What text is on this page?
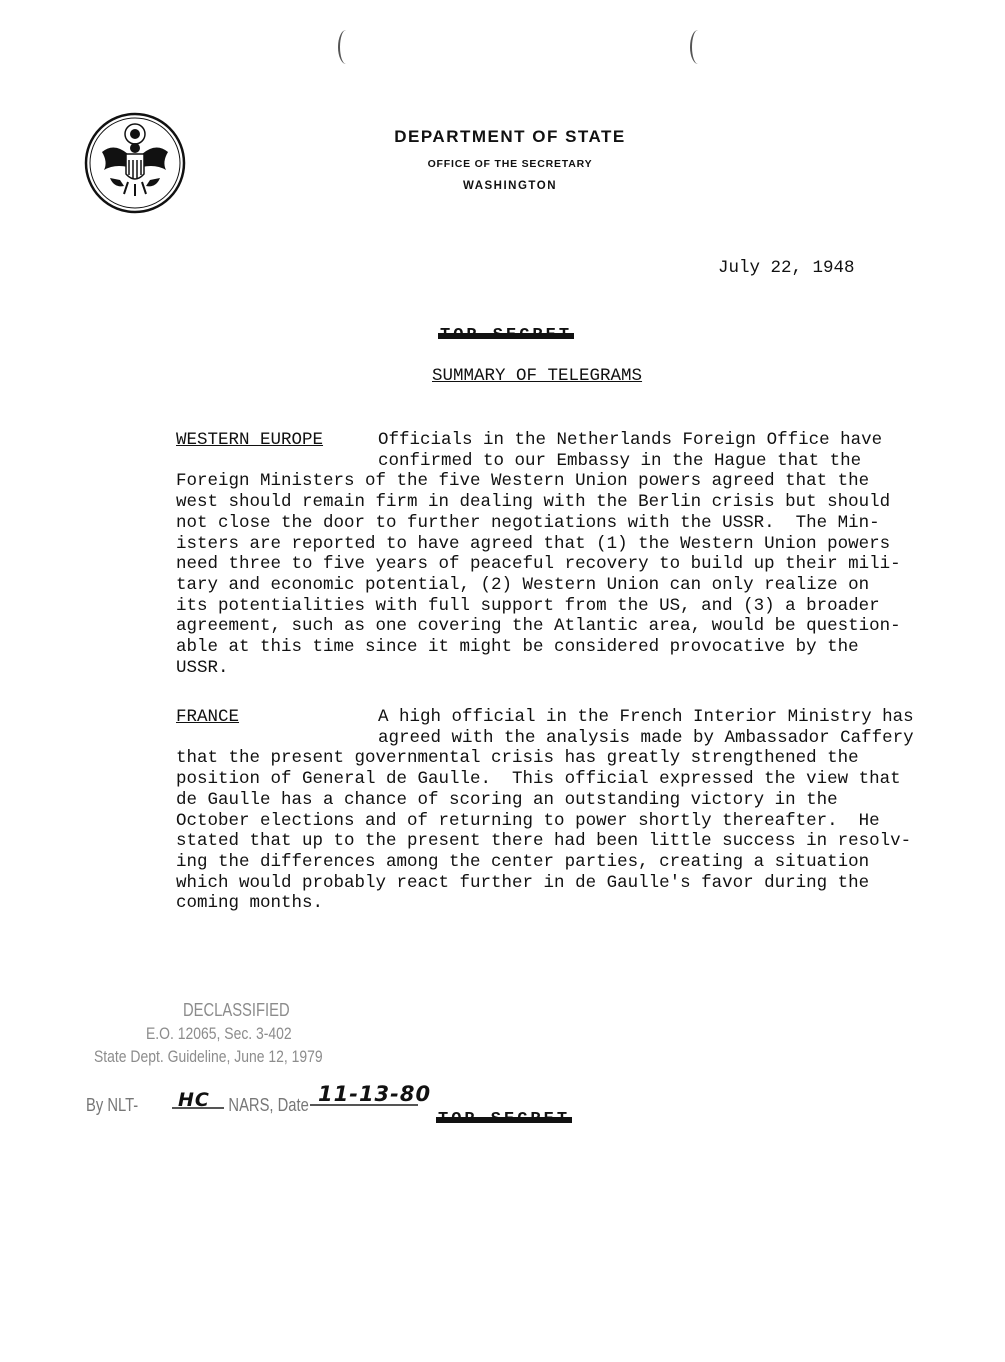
DEPARTMENT OF STATE
OFFICE OF THE SECRETARY
WASHINGTON
July 22, 1948
SUMMARY OF TELEGRAMS
WESTERN EUROPE	Officials in the Netherlands Foreign Office have
confirmed to our Embassy in the Hague that the
Foreign Ministers of the five Western Union powers agreed that the
west should remain firm in dealing with the Berlin crisis but should
not close the door to further negotiations with the USSR.  The Min-
isters are reported to have agreed that (1) the Western Union powers
need three to five years of peaceful recovery to build up their mili-
tary and economic potential, (2) Western Union can only realize on
its potentialities with full support from the US, and (3) a broader
agreement, such as one covering the Atlantic area, would be question-
able at this time since it might be considered provocative by the
USSR.
FRANCE	A high official in the French Interior Ministry has
agreed with the analysis made by Ambassador Caffery
that the present governmental crisis has greatly strengthened the
position of General de Gaulle.  This official expressed the view that
de Gaulle has a chance of scoring an outstanding victory in the
October elections and of returning to power shortly thereafter.  He
stated that up to the present there had been little success in resolv-
ing the differences among the center parties, creating a situation
which would probably react further in de Gaulle's favor during the
coming months.
DECLASSIFIED
E.O. 12065, Sec. 3-402
State Dept. Guideline, June 12, 1979
By NLT-	NARS, Date
HC	11-13-80
